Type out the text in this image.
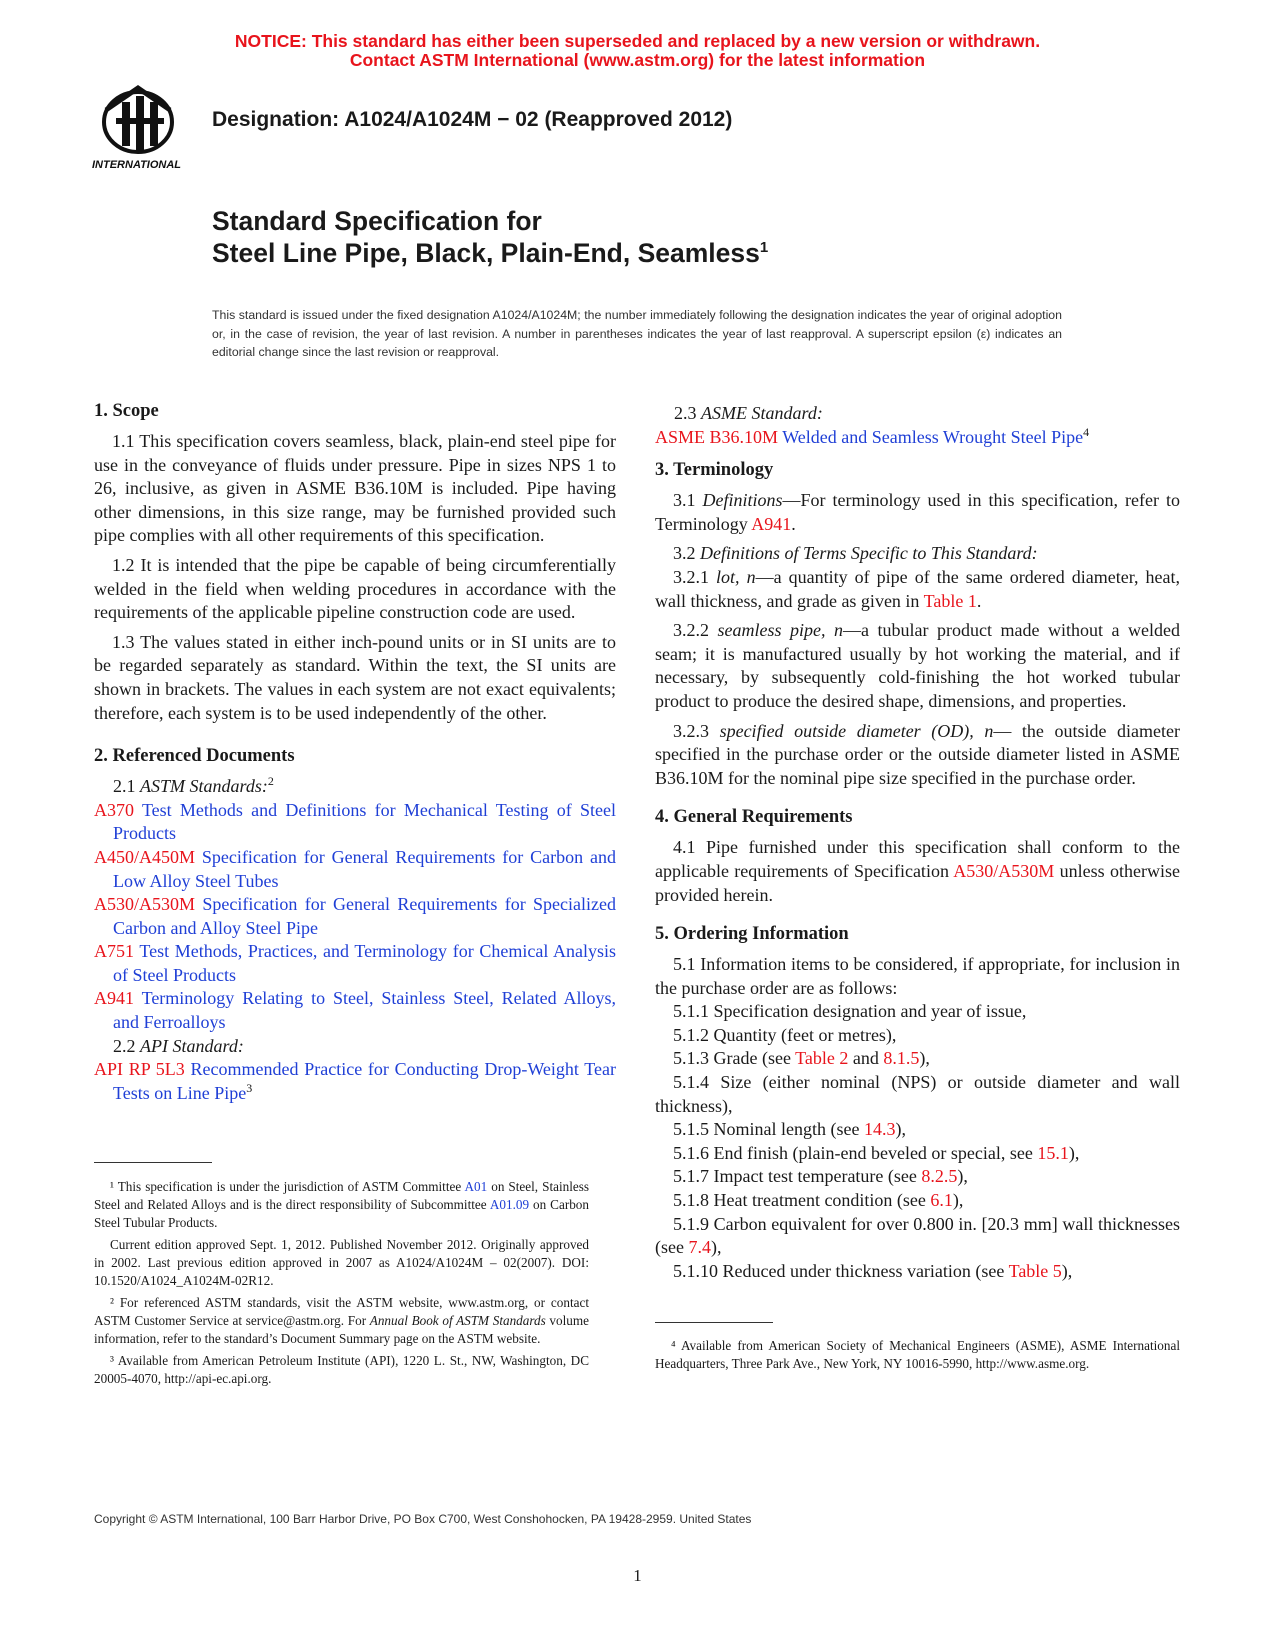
NOTICE: This standard has either been superseded and replaced by a new version or withdrawn.
Contact ASTM International (www.astm.org) for the latest information
INTERNATIONAL
Designation: A1024/A1024M − 02 (Reapproved 2012)
Standard Specification for
Steel Line Pipe, Black, Plain-End, Seamless$^1$
This standard is issued under the fixed designation A1024/A1024M; the number immediately following the designation indicates the year of original adoption or, in the case of revision, the year of last revision. A number in parentheses indicates the year of last reapproval. A superscript epsilon (ε) indicates an editorial change since the last revision or reapproval.
1. Scope

1.1 This specification covers seamless, black, plain-end steel pipe for use in the conveyance of fluids under pressure. Pipe in sizes NPS 1 to 26, inclusive, as given in ASME B36.10M is included. Pipe having other dimensions, in this size range, may be furnished provided such pipe complies with all other requirements of this specification.

1.2 It is intended that the pipe be capable of being circumferentially welded in the field when welding procedures in accordance with the requirements of the applicable pipeline construction code are used.

1.3 The values stated in either inch-pound units or in SI units are to be regarded separately as standard. Within the text, the SI units are shown in brackets. The values in each system are not exact equivalents; therefore, each system is to be used independently of the other.

2. Referenced Documents

2.1 ASTM Standards:$^2$

A370 Test Methods and Definitions for Mechanical Testing of Steel Products

A450/A450M Specification for General Requirements for Carbon and Low Alloy Steel Tubes

A530/A530M Specification for General Requirements for Specialized Carbon and Alloy Steel Pipe

A751 Test Methods, Practices, and Terminology for Chemical Analysis of Steel Products

A941 Terminology Relating to Steel, Stainless Steel, Related Alloys, and Ferroalloys

2.2 API Standard:

API RP 5L3 Recommended Practice for Conducting Drop-Weight Tear Tests on Line Pipe$^3$

¹ This specification is under the jurisdiction of ASTM Committee A01 on Steel, Stainless Steel and Related Alloys and is the direct responsibility of Subcommittee A01.09 on Carbon Steel Tubular Products.

Current edition approved Sept. 1, 2012. Published November 2012. Originally approved in 2002. Last previous edition approved in 2007 as A1024/A1024M – 02(2007). DOI: 10.1520/A1024_A1024M-02R12.

² For referenced ASTM standards, visit the ASTM website, www.astm.org, or contact ASTM Customer Service at service@astm.org. For Annual Book of ASTM Standards volume information, refer to the standard’s Document Summary page on the ASTM website.

³ Available from American Petroleum Institute (API), 1220 L. St., NW, Washington, DC 20005-4070, http://api-ec.api.org.

2.3 ASME Standard:

ASME B36.10M Welded and Seamless Wrought Steel Pipe$^4$

3. Terminology

3.1 Definitions—For terminology used in this specification, refer to Terminology A941.

3.2 Definitions of Terms Specific to This Standard:

3.2.1 lot, n—a quantity of pipe of the same ordered diameter, heat, wall thickness, and grade as given in Table 1.

3.2.2 seamless pipe, n—a tubular product made without a welded seam; it is manufactured usually by hot working the material, and if necessary, by subsequently cold-finishing the hot worked tubular product to produce the desired shape, dimensions, and properties.

3.2.3 specified outside diameter (OD), n— the outside diameter specified in the purchase order or the outside diameter listed in ASME B36.10M for the nominal pipe size specified in the purchase order.

4. General Requirements

4.1 Pipe furnished under this specification shall conform to the applicable requirements of Specification A530/A530M unless otherwise provided herein.

5. Ordering Information

5.1 Information items to be considered, if appropriate, for inclusion in the purchase order are as follows:

5.1.1 Specification designation and year of issue,

5.1.2 Quantity (feet or metres),

5.1.3 Grade (see Table 2 and 8.1.5),

5.1.4 Size (either nominal (NPS) or outside diameter and wall thickness),

5.1.5 Nominal length (see 14.3),

5.1.6 End finish (plain-end beveled or special, see 15.1),

5.1.7 Impact test temperature (see 8.2.5),

5.1.8 Heat treatment condition (see 6.1),

5.1.9 Carbon equivalent for over 0.800 in. [20.3 mm] wall thicknesses (see 7.4),

5.1.10 Reduced under thickness variation (see Table 5),

⁴ Available from American Society of Mechanical Engineers (ASME), ASME International Headquarters, Three Park Ave., New York, NY 10016-5990, http://www.asme.org.

Copyright © ASTM International, 100 Barr Harbor Drive, PO Box C700, West Conshohocken, PA 19428-2959. United States
1
